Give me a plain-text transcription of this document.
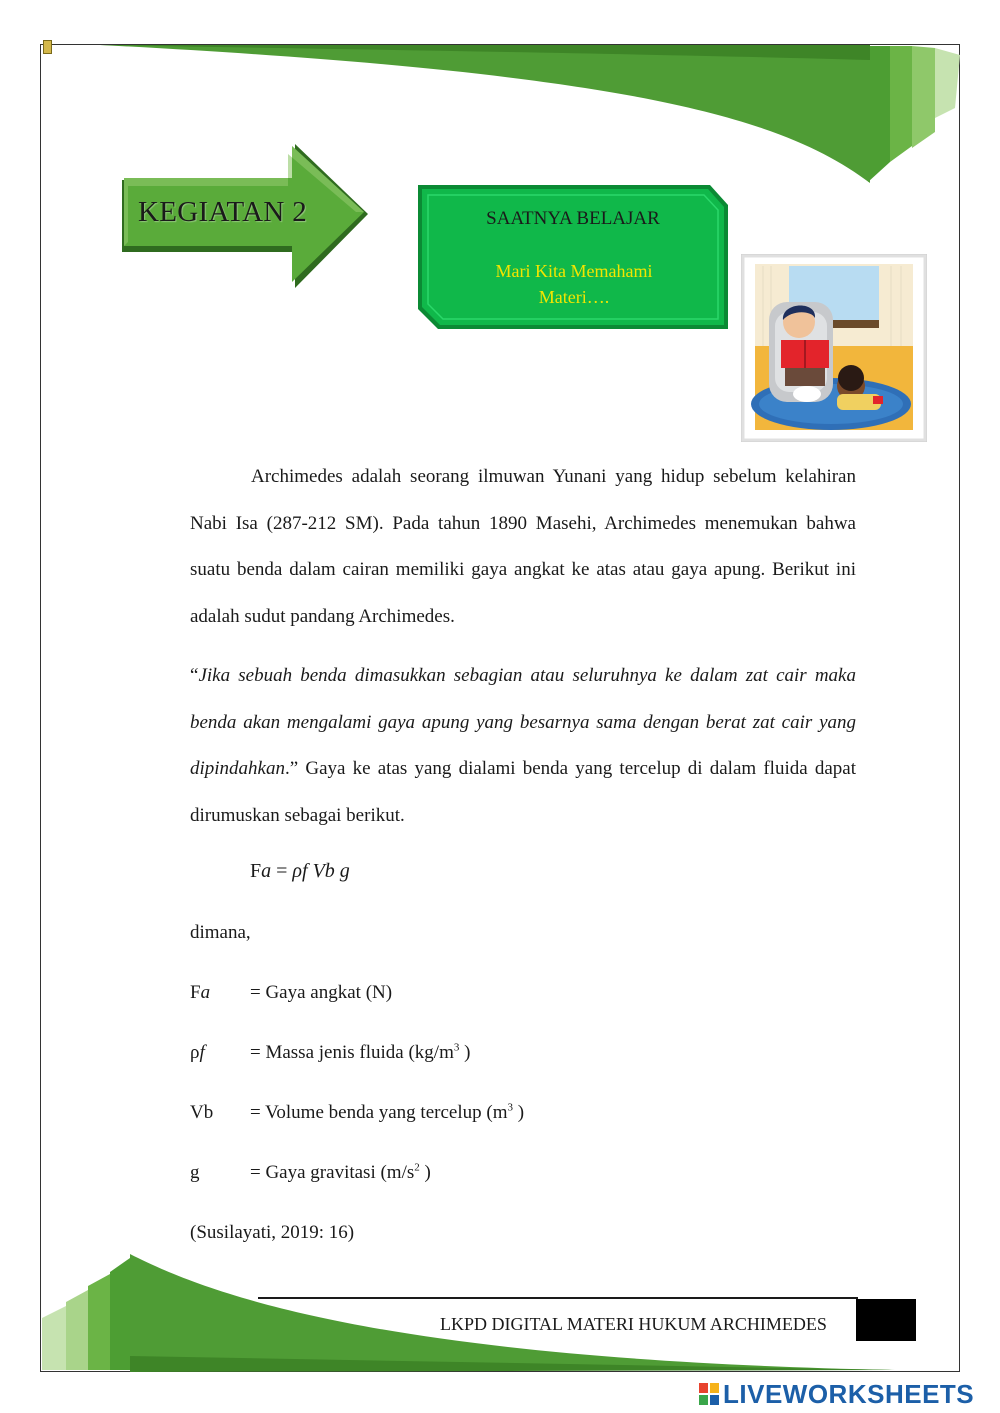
KEGIATAN 2	SAATNYA BELAJAR
Mari Kita Memahami Materi….
Archimedes adalah seorang ilmuwan Yunani yang hidup sebelum kelahiran Nabi Isa (287-212 SM). Pada tahun 1890 Masehi, Archimedes menemukan bahwa suatu benda dalam cairan memiliki gaya angkat ke atas atau gaya apung. Berikut ini adalah sudut pandang Archimedes.
“Jika sebuah benda dimasukkan sebagian atau seluruhnya ke dalam zat cair maka benda akan mengalami gaya apung yang besarnya sama dengan berat zat cair yang dipindahkan.” Gaya ke atas yang dialami benda yang tercelup di dalam fluida dapat dirumuskan sebagai berikut.
Fa = ρf Vb g
dimana,
Fa = Gaya angkat (N)
ρf = Massa jenis fluida ($kg/m^3$ )
Vb = Volume benda yang tercelup ($m^3$ )
g	= Gaya gravitasi ($m/s^2$ )
(Susilayati, 2019: 16)
LKPD DIGITAL MATERI HUKUM ARCHIMEDES
LIVEWORKSHEETS
